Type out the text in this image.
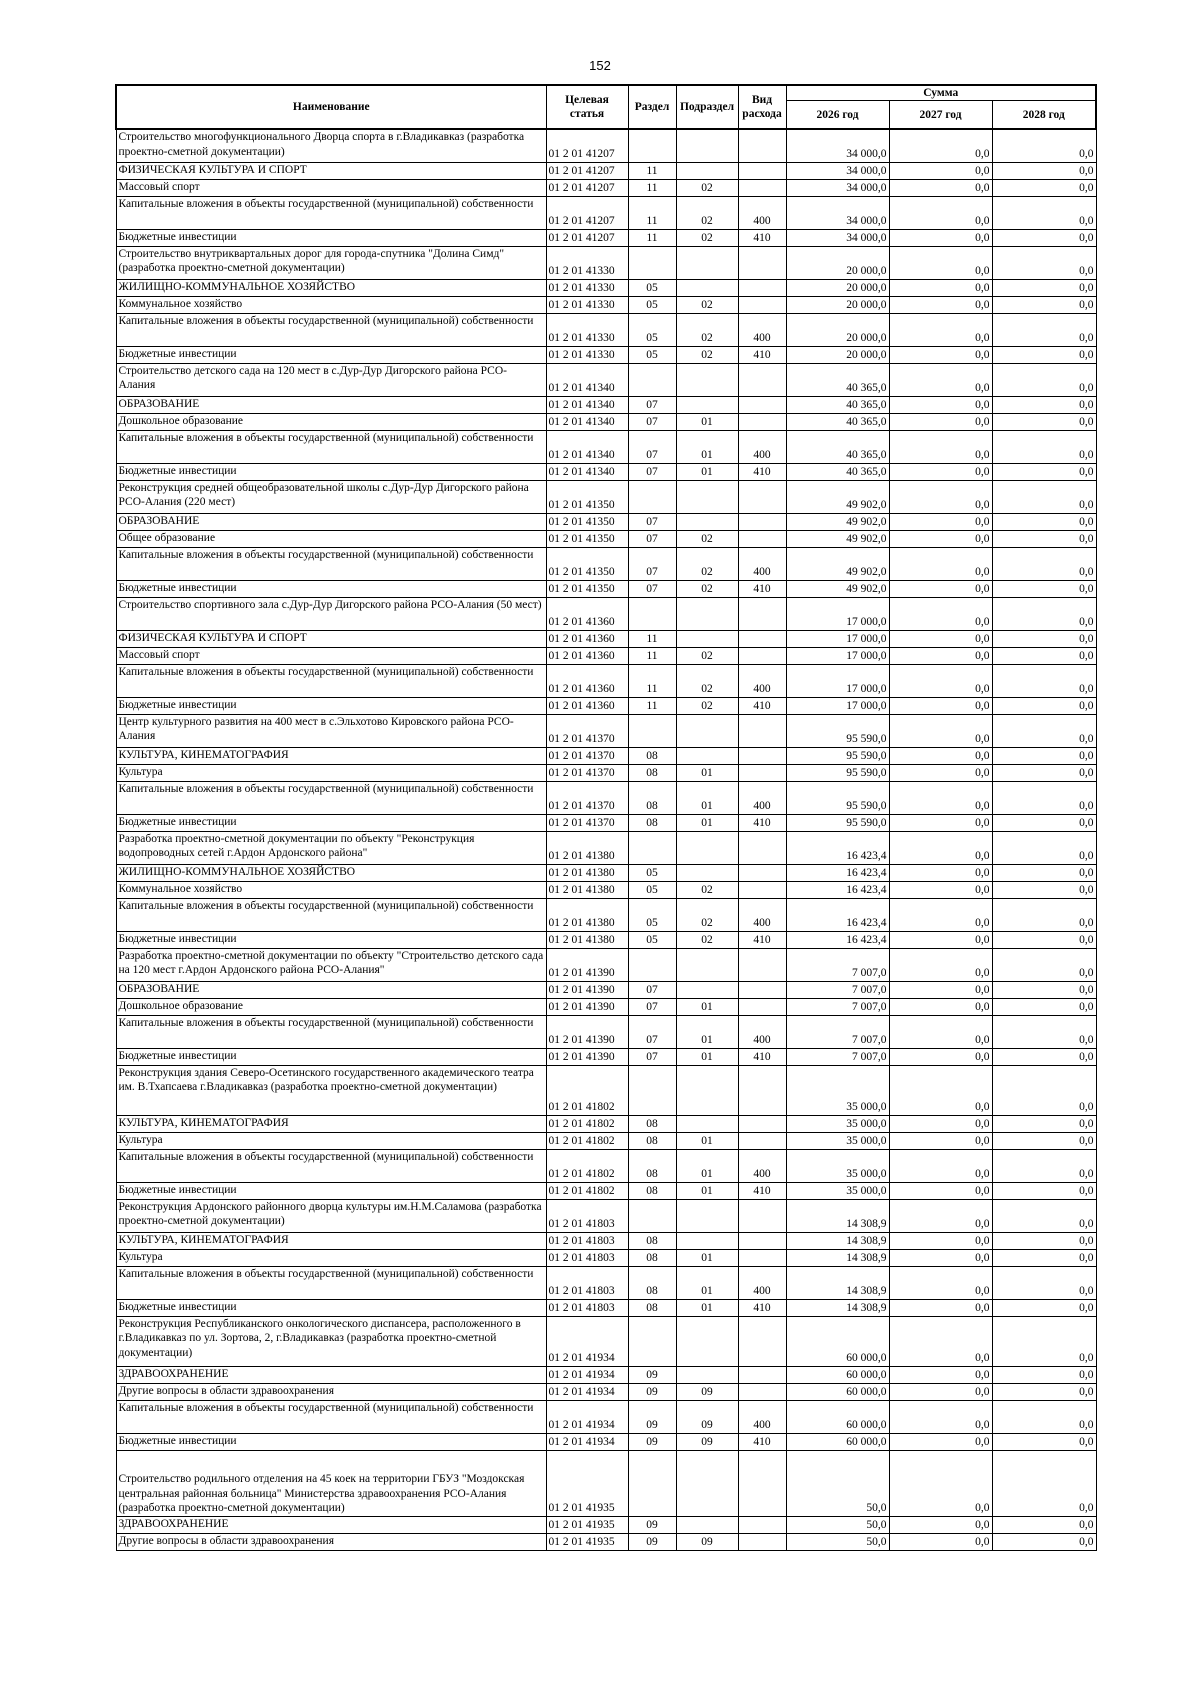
152
Наименование	Целевая статья	Раздел	Подраздел	Вид расхода	Сумма		
					2026 год	2027 год	2028 год
Строительство многофункционального Дворца спорта в г.Владикавказ (разработка проектно-сметной документации)	01 2 01 41207				34 000,0	0,0	0,0
ФИЗИЧЕСКАЯ КУЛЬТУРА И СПОРТ	01 2 01 41207	11			34 000,0	0,0	0,0
Массовый спорт	01 2 01 41207	11	02		34 000,0	0,0	0,0
Капитальные вложения в объекты государственной (муниципальной) собственности	01 2 01 41207	11	02	400	34 000,0	0,0	0,0
Бюджетные инвестиции	01 2 01 41207	11	02	410	34 000,0	0,0	0,0
Строительство внутриквартальных дорог для города-спутника "Долина Симд" (разработка проектно-сметной документации)	01 2 01 41330				20 000,0	0,0	0,0
ЖИЛИЩНО-КОММУНАЛЬНОЕ ХОЗЯЙСТВО	01 2 01 41330	05			20 000,0	0,0	0,0
Коммунальное хозяйство	01 2 01 41330	05	02		20 000,0	0,0	0,0
Капитальные вложения в объекты государственной (муниципальной) собственности	01 2 01 41330	05	02	400	20 000,0	0,0	0,0
Бюджетные инвестиции	01 2 01 41330	05	02	410	20 000,0	0,0	0,0
Строительство детского сада на 120 мест в с.Дур-Дур Дигорского района РСО-Алания	01 2 01 41340				40 365,0	0,0	0,0
ОБРАЗОВАНИЕ	01 2 01 41340	07			40 365,0	0,0	0,0
Дошкольное образование	01 2 01 41340	07	01		40 365,0	0,0	0,0
Капитальные вложения в объекты государственной (муниципальной) собственности	01 2 01 41340	07	01	400	40 365,0	0,0	0,0
Бюджетные инвестиции	01 2 01 41340	07	01	410	40 365,0	0,0	0,0
Реконструкция средней общеобразовательной школы с.Дур-Дур Дигорского района РСО-Алания (220 мест)	01 2 01 41350				49 902,0	0,0	0,0
ОБРАЗОВАНИЕ	01 2 01 41350	07			49 902,0	0,0	0,0
Общее образование	01 2 01 41350	07	02		49 902,0	0,0	0,0
Капитальные вложения в объекты государственной (муниципальной) собственности	01 2 01 41350	07	02	400	49 902,0	0,0	0,0
Бюджетные инвестиции	01 2 01 41350	07	02	410	49 902,0	0,0	0,0
Строительство спортивного зала с.Дур-Дур Дигорского района РСО-Алания (50 мест)	01 2 01 41360				17 000,0	0,0	0,0
ФИЗИЧЕСКАЯ КУЛЬТУРА И СПОРТ	01 2 01 41360	11			17 000,0	0,0	0,0
Массовый спорт	01 2 01 41360	11	02		17 000,0	0,0	0,0
Капитальные вложения в объекты государственной (муниципальной) собственности	01 2 01 41360	11	02	400	17 000,0	0,0	0,0
Бюджетные инвестиции	01 2 01 41360	11	02	410	17 000,0	0,0	0,0
Центр культурного развития на 400 мест в с.Эльхотово Кировского района РСО-Алания	01 2 01 41370				95 590,0	0,0	0,0
КУЛЬТУРА, КИНЕМАТОГРАФИЯ	01 2 01 41370	08			95 590,0	0,0	0,0
Культура	01 2 01 41370	08	01		95 590,0	0,0	0,0
Капитальные вложения в объекты государственной (муниципальной) собственности	01 2 01 41370	08	01	400	95 590,0	0,0	0,0
Бюджетные инвестиции	01 2 01 41370	08	01	410	95 590,0	0,0	0,0
Разработка проектно-сметной документации по объекту "Реконструкция водопроводных сетей г.Ардон Ардонского района"	01 2 01 41380				16 423,4	0,0	0,0
ЖИЛИЩНО-КОММУНАЛЬНОЕ ХОЗЯЙСТВО	01 2 01 41380	05			16 423,4	0,0	0,0
Коммунальное хозяйство	01 2 01 41380	05	02		16 423,4	0,0	0,0
Капитальные вложения в объекты государственной (муниципальной) собственности	01 2 01 41380	05	02	400	16 423,4	0,0	0,0
Бюджетные инвестиции	01 2 01 41380	05	02	410	16 423,4	0,0	0,0
Разработка проектно-сметной документации по объекту "Строительство детского сада на 120 мест г.Ардон Ардонского района РСО-Алания"	01 2 01 41390				7 007,0	0,0	0,0
ОБРАЗОВАНИЕ	01 2 01 41390	07			7 007,0	0,0	0,0
Дошкольное образование	01 2 01 41390	07	01		7 007,0	0,0	0,0
Капитальные вложения в объекты государственной (муниципальной) собственности	01 2 01 41390	07	01	400	7 007,0	0,0	0,0
Бюджетные инвестиции	01 2 01 41390	07	01	410	7 007,0	0,0	0,0
Реконструкция здания Северо-Осетинского государственного академического театра им. В.Тхапсаева г.Владикавказ (разработка проектно-сметной документации)	01 2 01 41802				35 000,0	0,0	0,0
КУЛЬТУРА, КИНЕМАТОГРАФИЯ	01 2 01 41802	08			35 000,0	0,0	0,0
Культура	01 2 01 41802	08	01		35 000,0	0,0	0,0
Капитальные вложения в объекты государственной (муниципальной) собственности	01 2 01 41802	08	01	400	35 000,0	0,0	0,0
Бюджетные инвестиции	01 2 01 41802	08	01	410	35 000,0	0,0	0,0
Реконструкция Ардонского районного дворца культуры им.Н.М.Саламова (разработка проектно-сметной документации)	01 2 01 41803				14 308,9	0,0	0,0
КУЛЬТУРА, КИНЕМАТОГРАФИЯ	01 2 01 41803	08			14 308,9	0,0	0,0
Культура	01 2 01 41803	08	01		14 308,9	0,0	0,0
Капитальные вложения в объекты государственной (муниципальной) собственности	01 2 01 41803	08	01	400	14 308,9	0,0	0,0
Бюджетные инвестиции	01 2 01 41803	08	01	410	14 308,9	0,0	0,0
Реконструкция Республиканского онкологического диспансера, расположенного в г.Владикавказ по ул. Зортова, 2, г.Владикавказ (разработка проектно-сметной документации)	01 2 01 41934				60 000,0	0,0	0,0
ЗДРАВООХРАНЕНИЕ	01 2 01 41934	09			60 000,0	0,0	0,0
Другие вопросы в области здравоохранения	01 2 01 41934	09	09		60 000,0	0,0	0,0
Капитальные вложения в объекты государственной (муниципальной) собственности	01 2 01 41934	09	09	400	60 000,0	0,0	0,0
Бюджетные инвестиции	01 2 01 41934	09	09	410	60 000,0	0,0	0,0
Строительство родильного отделения на 45 коек на территории ГБУЗ "Моздокская центральная районная больница" Министерства здравоохранения РСО-Алания (разработка проектно-сметной документации)	01 2 01 41935				50,0	0,0	0,0
ЗДРАВООХРАНЕНИЕ	01 2 01 41935	09			50,0	0,0	0,0
Другие вопросы в области здравоохранения	01 2 01 41935	09	09		50,0	0,0	0,0
